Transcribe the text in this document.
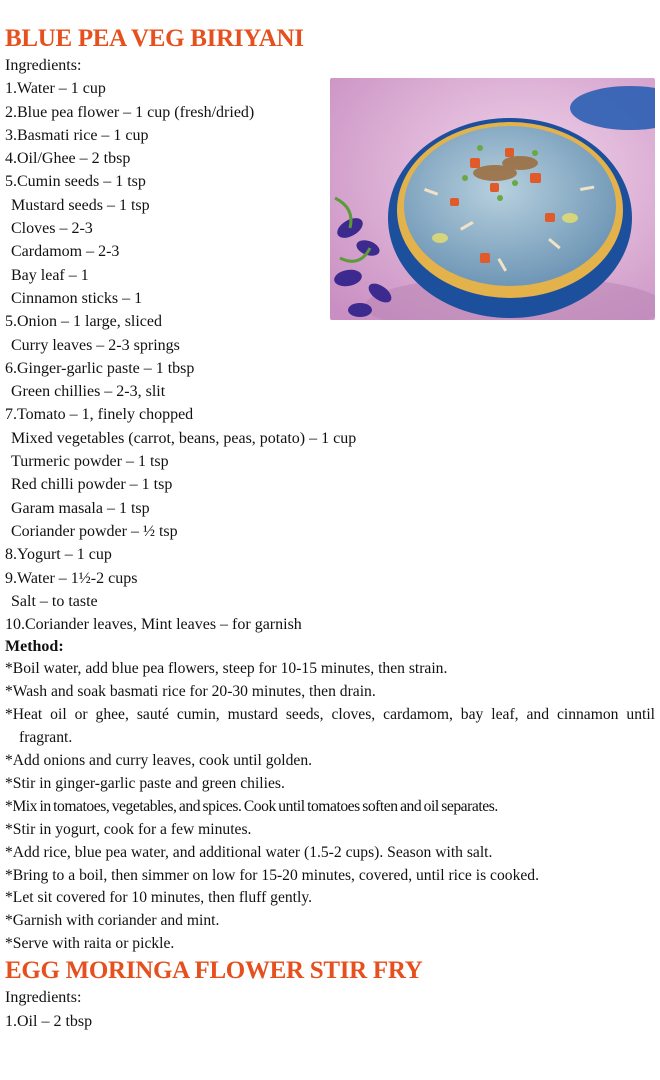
BLUE PEA VEG BIRIYANI
Ingredients:
1.Water – 1 cup
2.Blue pea flower – 1 cup (fresh/dried)
3.Basmati rice – 1 cup
4.Oil/Ghee – 2 tbsp
5.Cumin seeds – 1 tsp
Mustard seeds – 1 tsp
Cloves – 2-3
Cardamom – 2-3
Bay leaf – 1
Cinnamon sticks – 1
5.Onion – 1 large, sliced
Curry leaves – 2-3 springs
6.Ginger-garlic paste – 1 tbsp
Green chillies – 2-3, slit
7.Tomato – 1, finely chopped
Mixed vegetables (carrot, beans, peas, potato) – 1 cup
Turmeric powder – 1 tsp
Red chilli powder – 1 tsp
Garam masala – 1 tsp
Coriander powder – ½ tsp
8.Yogurt – 1 cup
9.Water – 1½-2 cups
Salt – to taste
10.Coriander leaves, Mint leaves – for garnish
Method:
*Boil water, add blue pea flowers, steep for 10-15 minutes, then strain.
*Wash and soak basmati rice for 20-30 minutes, then drain.
*Heat oil or ghee, sauté cumin, mustard seeds, cloves, cardamom, bay leaf, and cinnamon until fragrant.
*Add onions and curry leaves, cook until golden.
*Stir in ginger-garlic paste and green chilies.
*Mix in tomatoes, vegetables, and spices. Cook until tomatoes soften and oil separates.
*Stir in yogurt, cook for a few minutes.
*Add rice, blue pea water, and additional water (1.5-2 cups). Season with salt.
*Bring to a boil, then simmer on low for 15-20 minutes, covered, until rice is cooked.
*Let sit covered for 10 minutes, then fluff gently.
*Garnish with coriander and mint.
*Serve with raita or pickle.
EGG MORINGA FLOWER STIR FRY
Ingredients:
1.Oil – 2 tbsp
